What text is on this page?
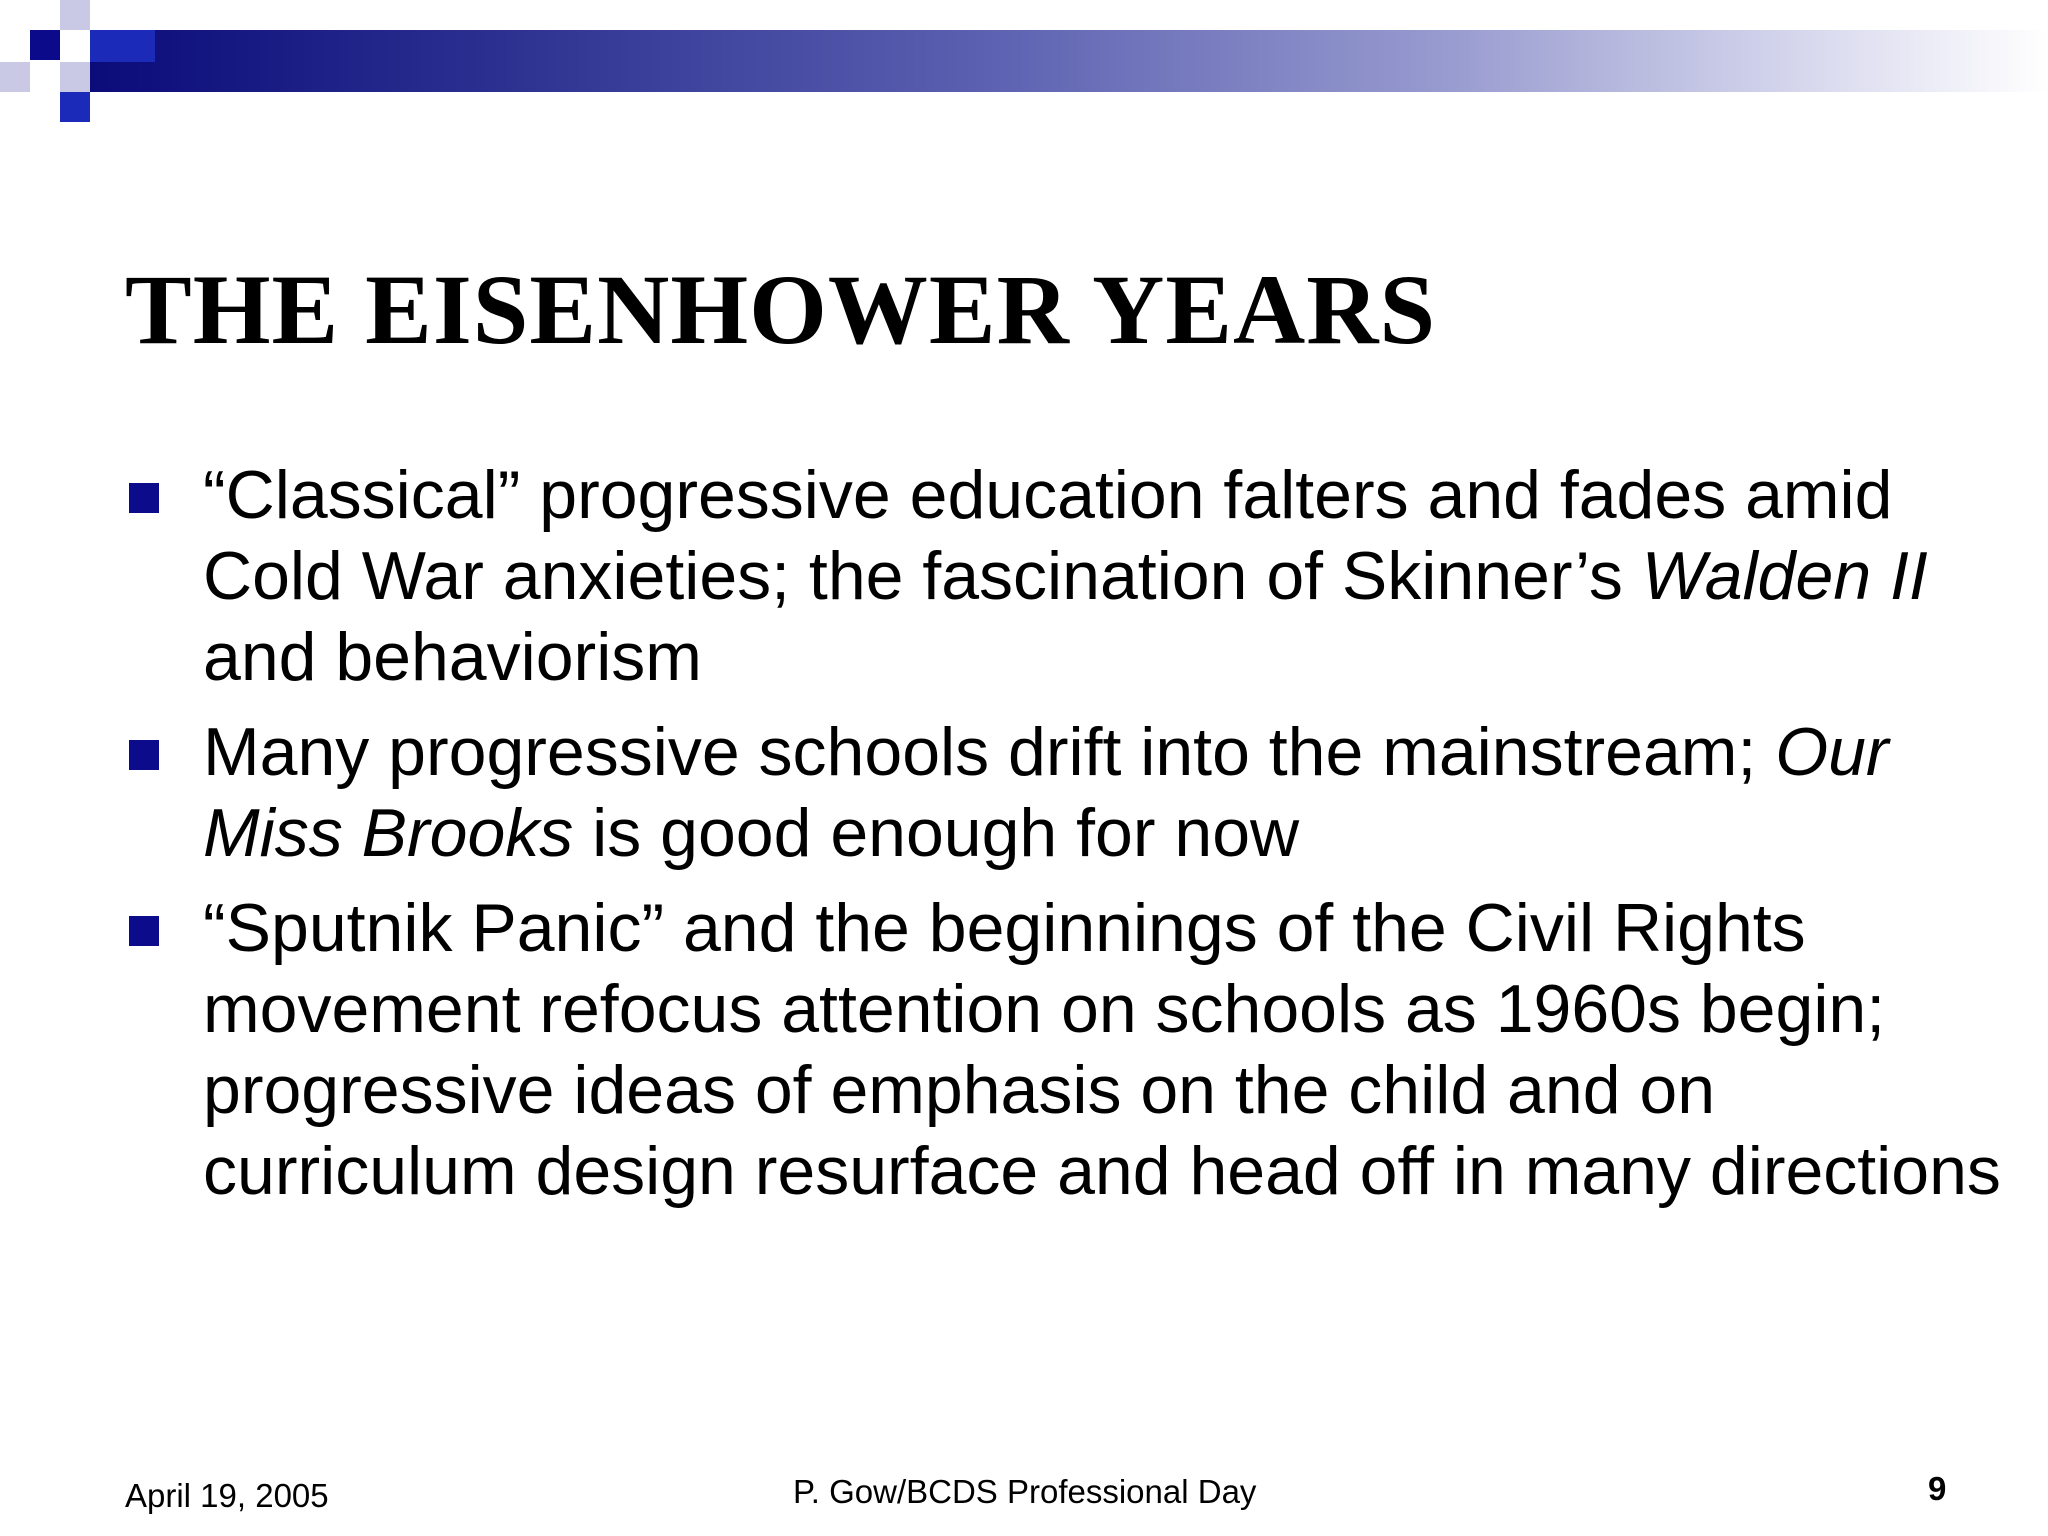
THE EISENHOWER YEARS
“Classical” progressive education falters and fades amid Cold War anxieties; the fascination of Skinner’s Walden II and behaviorism
Many progressive schools drift into the mainstream; Our Miss Brooks is good enough for now
“Sputnik Panic” and the beginnings of the Civil Rights movement refocus attention on schools as 1960s begin; progressive ideas of emphasis on the child and on curriculum design resurface and head off in many directions
April 19, 2005	P. Gow/BCDS Professional Day	9
